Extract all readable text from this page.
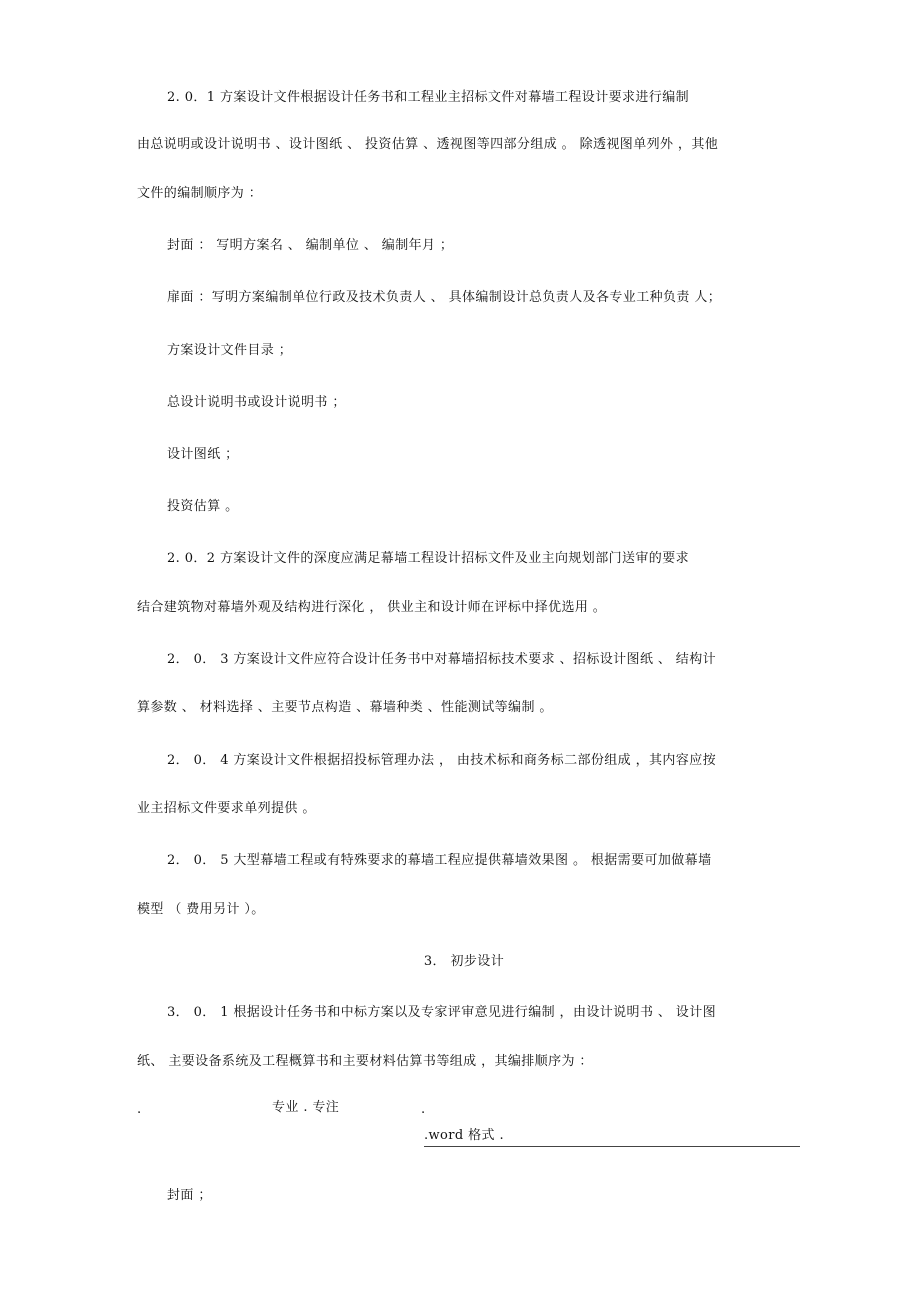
2. 0．1 方案设计文件根据设计任务书和工程业主招标文件对幕墙工程设计要求进行编制
由总说明或设计说明书 、设计图纸 、 投资估算 、透视图等四部分组成 。 除透视图单列外 ，其他
文件的编制顺序为 ：
封面 ： 写明方案名 、 编制单位 、 编制年月 ；
扉面 ：写明方案编制单位行政及技术负责人 、 具体编制设计总负责人及各专业工种负责 人；
方案设计文件目录 ；
总设计说明书或设计说明书 ；
设计图纸 ；
投资估算 。
2. 0．2 方案设计文件的深度应满足幕墙工程设计招标文件及业主向规划部门送审的要求
结合建筑物对幕墙外观及结构进行深化 ， 供业主和设计师在评标中择优选用 。
2． 0． 3 方案设计文件应符合设计任务书中对幕墙招标技术要求 、招标设计图纸 、 结构计
算参数 、 材料选择 、主要节点构造 、幕墙种类 、性能测试等编制 。
2． 0． 4 方案设计文件根据招投标管理办法 ， 由技术标和商务标二部份组成 ，其内容应按
业主招标文件要求单列提供 。
2． 0． 5 大型幕墙工程或有特殊要求的幕墙工程应提供幕墙效果图 。 根据需要可加做幕墙
模型 （ 费用另计 ）。
3． 初步设计
3． 0． 1 根据设计任务书和中标方案以及专家评审意见进行编制 ，由设计说明书 、 设计图
纸、 主要设备系统及工程概算书和主要材料估算书等组成 ，其编排顺序为 ：
封面 ；
.	专业 . 专注	.
.word 格式 .
